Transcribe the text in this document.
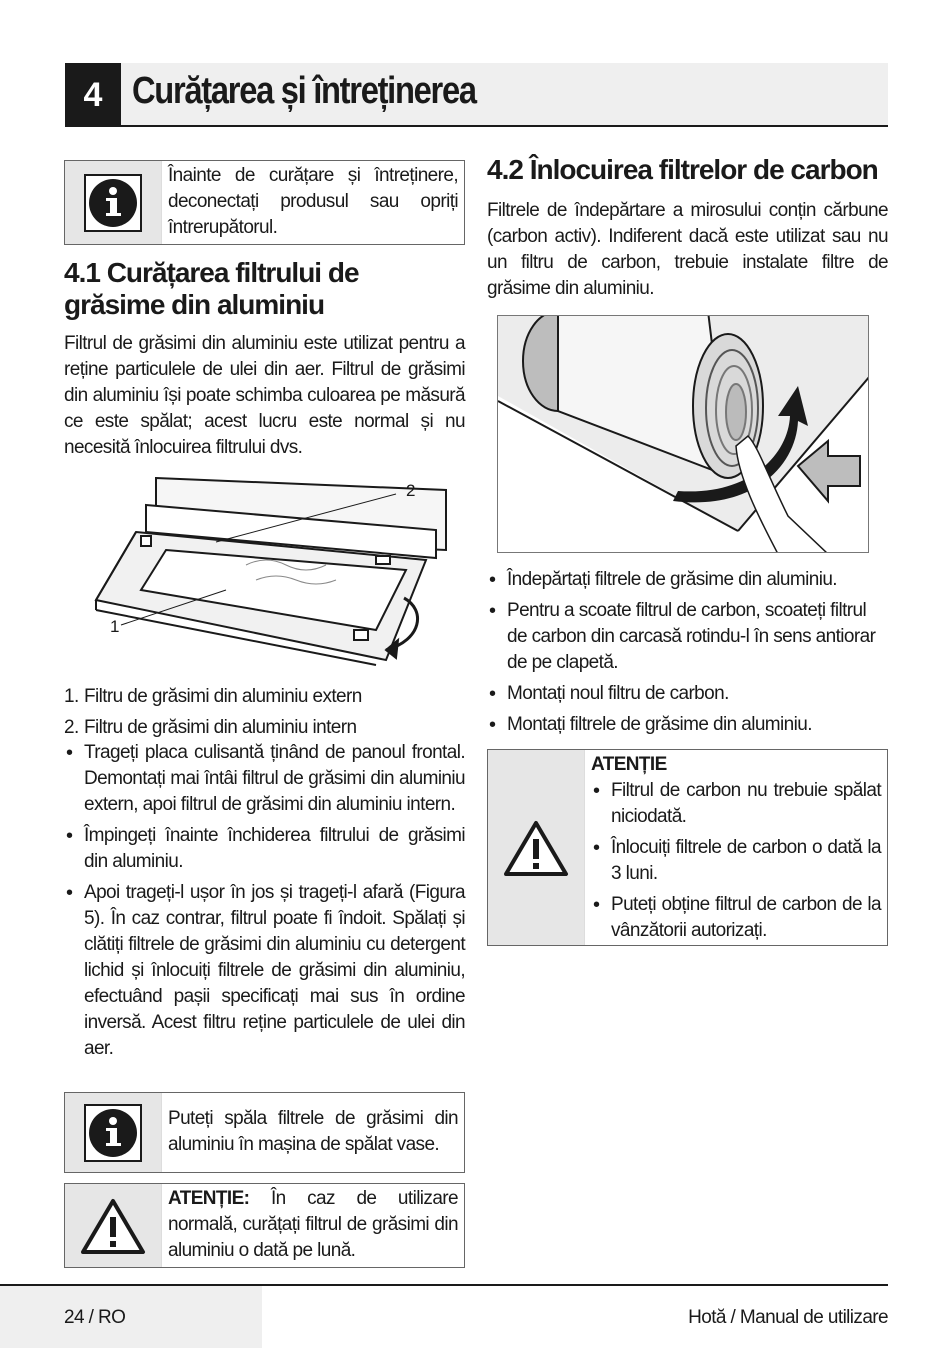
4 Curățarea și întreținerea
Înainte de curățare și întreținere, deconectați produsul sau opriți întrerupătorul.
4.1 Curățarea filtrului de grăsime din aluminiu
Filtrul de grăsimi din aluminiu este utilizat pentru a reține particulele de ulei din aer. Filtrul de grăsimi din aluminiu își poate schimba culoarea pe măsură ce este spălat; acest lucru este normal și nu necesită înlocuirea filtrului dvs.
2
1
1. Filtru de grăsimi din aluminiu extern
2. Filtru de grăsimi din aluminiu intern
• Trageți placa culisantă ținând de panoul frontal. Demontați mai întâi filtrul de grăsimi din aluminiu extern, apoi filtrul de grăsimi din aluminiu intern.
• Împingeți înainte închiderea filtrului de grăsimi din aluminiu.
• Apoi trageți-l ușor în jos și trageți-l afară (Figura 5). În caz contrar, filtrul poate fi îndoit. Spălați și clătiți filtrele de grăsimi din aluminiu cu detergent lichid și înlocuiți filtrele de grăsimi din aluminiu, efectuând pașii specificați mai sus în ordine inversă. Acest filtru reține particulele de ulei din aer.
Puteți spăla filtrele de grăsimi din aluminiu în mașina de spălat vase.
ATENȚIE: În caz de utilizare normală, curățați filtrul de grăsimi din aluminiu o dată pe lună.
4.2 Înlocuirea filtrelor de carbon
Filtrele de îndepărtare a mirosului conțin cărbune (carbon activ). Indiferent dacă este utilizat sau nu un filtru de carbon, trebuie instalate filtre de grăsime din aluminiu.
• Îndepărtați filtrele de grăsime din aluminiu.
• Pentru a scoate filtrul de carbon, scoateți filtrul de carbon din carcasă rotindu-l în sens antiorar de pe clapetă.
• Montați noul filtru de carbon.
• Montați filtrele de grăsime din aluminiu.
ATENȚIE
• Filtrul de carbon nu trebuie spălat niciodată.
• Înlocuiți filtrele de carbon o dată la 3 luni.
• Puteți obține filtrul de carbon de la vânzătorii autorizați.
24 / RO	Hotă / Manual de utilizare
